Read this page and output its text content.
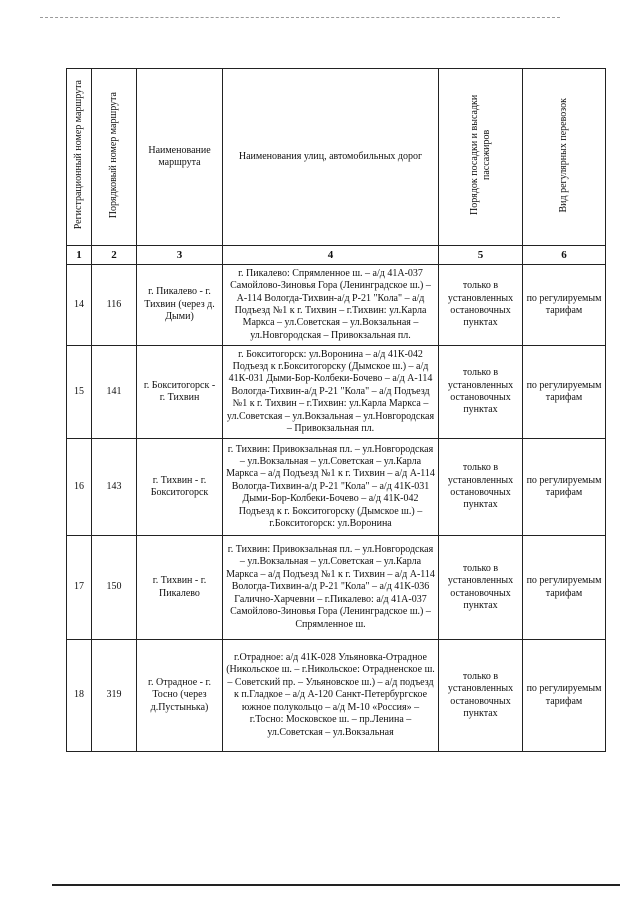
Регистрационный номер маршрута	Порядковый номер маршрута	Наименование маршрута	Наименования улиц, автомобильных дорог	Порядок посадки и высадки пассажиров	Вид регулярных перевозок
1	2	3	4	5	6
14	116	г. Пикалево - г. Тихвин (через д. Дыми)	г. Пикалево: Спрямленное ш. – а/д 41А-037 Самойлово-Зиновья Гора (Ленинградское ш.) – А-114 Вологда-Тихвин-а/д Р-21 "Кола" – а/д Подъезд №1 к г. Тихвин – г.Тихвин: ул.Карла Маркса – ул.Советская – ул.Вокзальная – ул.Новгородская – Привокзальная пл.	только в установленных остановочных пунктах	по регулируемым тарифам
15	141	г. Бокситогорск - г. Тихвин	г. Бокситогорск: ул.Воронина – а/д 41К-042 Подъезд к г.Бокситогорску (Дымское ш.) – а/д 41К-031 Дыми-Бор-Колбеки-Бочево – а/д А-114 Вологда-Тихвин-а/д Р-21 "Кола" – а/д Подъезд №1 к г. Тихвин – г.Тихвин: ул.Карла Маркса – ул.Советская – ул.Вокзальная – ул.Новгородская – Привокзальная пл.	только в установленных остановочных пунктах	по регулируемым тарифам
16	143	г. Тихвин - г. Бокситогорск	г. Тихвин: Привокзальная пл. – ул.Новгородская – ул.Вокзальная – ул.Советская – ул.Карла Маркса – а/д Подъезд №1 к г. Тихвин – а/д А-114 Вологда-Тихвин-а/д Р-21 "Кола" – а/д 41К-031 Дыми-Бор-Колбеки-Бочево – а/д 41К-042 Подъезд к г. Бокситогорску (Дымское ш.) – г.Бокситогорск: ул.Воронина	только в установленных остановочных пунктах	по регулируемым тарифам
17	150	г. Тихвин - г. Пикалево	г. Тихвин: Привокзальная пл. – ул.Новгородская – ул.Вокзальная – ул.Советская – ул.Карла Маркса – а/д Подъезд №1 к г. Тихвин – а/д А-114 Вологда-Тихвин-а/д Р-21 "Кола" – а/д 41К-036 Галично-Харчевни – г.Пикалево: а/д 41А-037 Самойлово-Зиновья Гора (Ленинградское ш.) – Спрямленное ш.	только в установленных остановочных пунктах	по регулируемым тарифам
18	319	г. Отрадное - г. Тосно (через д.Пустынька)	г.Отрадное: а/д 41К-028 Ульяновка-Отрадное (Никольское ш. – г.Никольское: Отрадненское ш. – Советский пр. – Ульяновское ш.) – а/д подъезд к п.Гладкое – а/д А-120 Санкт-Петербургское южное полукольцо – а/д М-10 «Россия» – г.Тосно: Московское ш. – пр.Ленина – ул.Советская – ул.Вокзальная	только в установленных остановочных пунктах	по регулируемым тарифам
